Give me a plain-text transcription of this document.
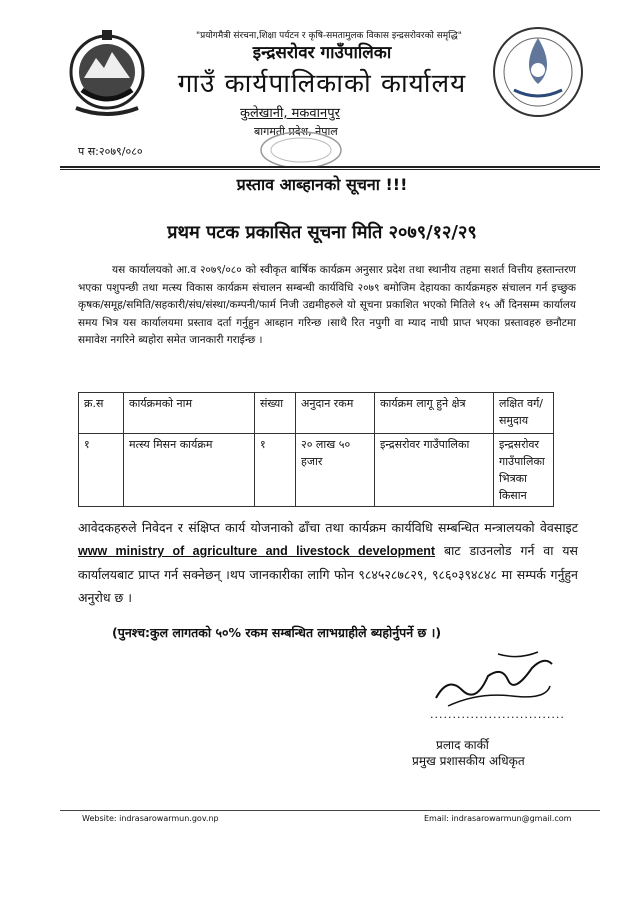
"प्रयोगमैत्री संरचना,शिक्षा पर्यटन र कृषि-समतामुलक विकास इन्द्रसरोवरको समृद्धि"
इन्द्रसरोवर गाउँपालिका
गाउँ कार्यपालिकाको कार्यालय
कुलेखानी, मकवानपुर
बागमती प्रदेश, नेपाल
प स:२०७९/०८०
प्रस्ताव आब्हानको सूचना !!!
प्रथम पटक प्रकासित सूचना मिति २०७९/१२/२९
यस कार्यालयको आ.व २०७९/०८० को स्वीकृत बार्षिक कार्यक्रम अनुसार प्रदेश तथा स्थानीय तहमा सशर्त वित्तीय हस्तान्तरण भएका पशुपन्छी तथा मत्स्य विकास कार्यक्रम संचालन सम्बन्धी कार्यविधि २०७९ बमोजिम देहायका कार्यक्रमहरु संचालन गर्न इच्छुक कृषक/समूह/समिति/सहकारी/संघ/संस्था/कम्पनी/फार्म निजी उद्यमीहरुले यो सूचना प्रकाशित भएको मितिले १५ औं दिनसम्म कार्यालय समय भित्र यस कार्यालयमा प्रस्ताव दर्ता गर्नुहुन आब्हान गरिन्छ ।साथै रित नपुगी वा म्याद नाघी प्राप्त भएका प्रस्तावहरु छनौटमा समावेश नगरिने ब्यहोरा समेत जानकारी गराईन्छ ।
क्र.स	कार्यक्रमको नाम	संख्या	अनुदान रकम	कार्यक्रम लागू हुने क्षेत्र	लक्षित वर्ग/समुदाय
१	मत्स्य मिसन कार्यक्रम	१	२० लाख ५० हजार	इन्द्रसरोवर गाउँपालिका	इन्द्रसरोवर गाउँपालिका भित्रका किसान
आवेदकहरुले निवेदन र संक्षिप्त कार्य योजनाको ढाँचा तथा कार्यक्रम कार्यविधि सम्बन्धित मन्त्रालयको वेवसाइट www ministry of agriculture and livestock development बाट डाउनलोड गर्न वा यस कार्यालयबाट प्राप्त गर्न सक्नेछन् ।थप जानकारीका लागि फोन ९८४५२८७८२९, ९८६०३९४८४८ मा सम्पर्क गर्नुहुन अनुरोध छ ।
(पुनश्च:कुल लागतको ५०% रकम सम्बन्धित लाभग्राहीले ब्यहोर्नुपर्ने छ ।)
..............................
प्रलाद कार्की
प्रमुख प्रशासकीय अधिकृत
Website: indrasarowarmun.gov.np	Email: indrasarowarmun@gmail.com
